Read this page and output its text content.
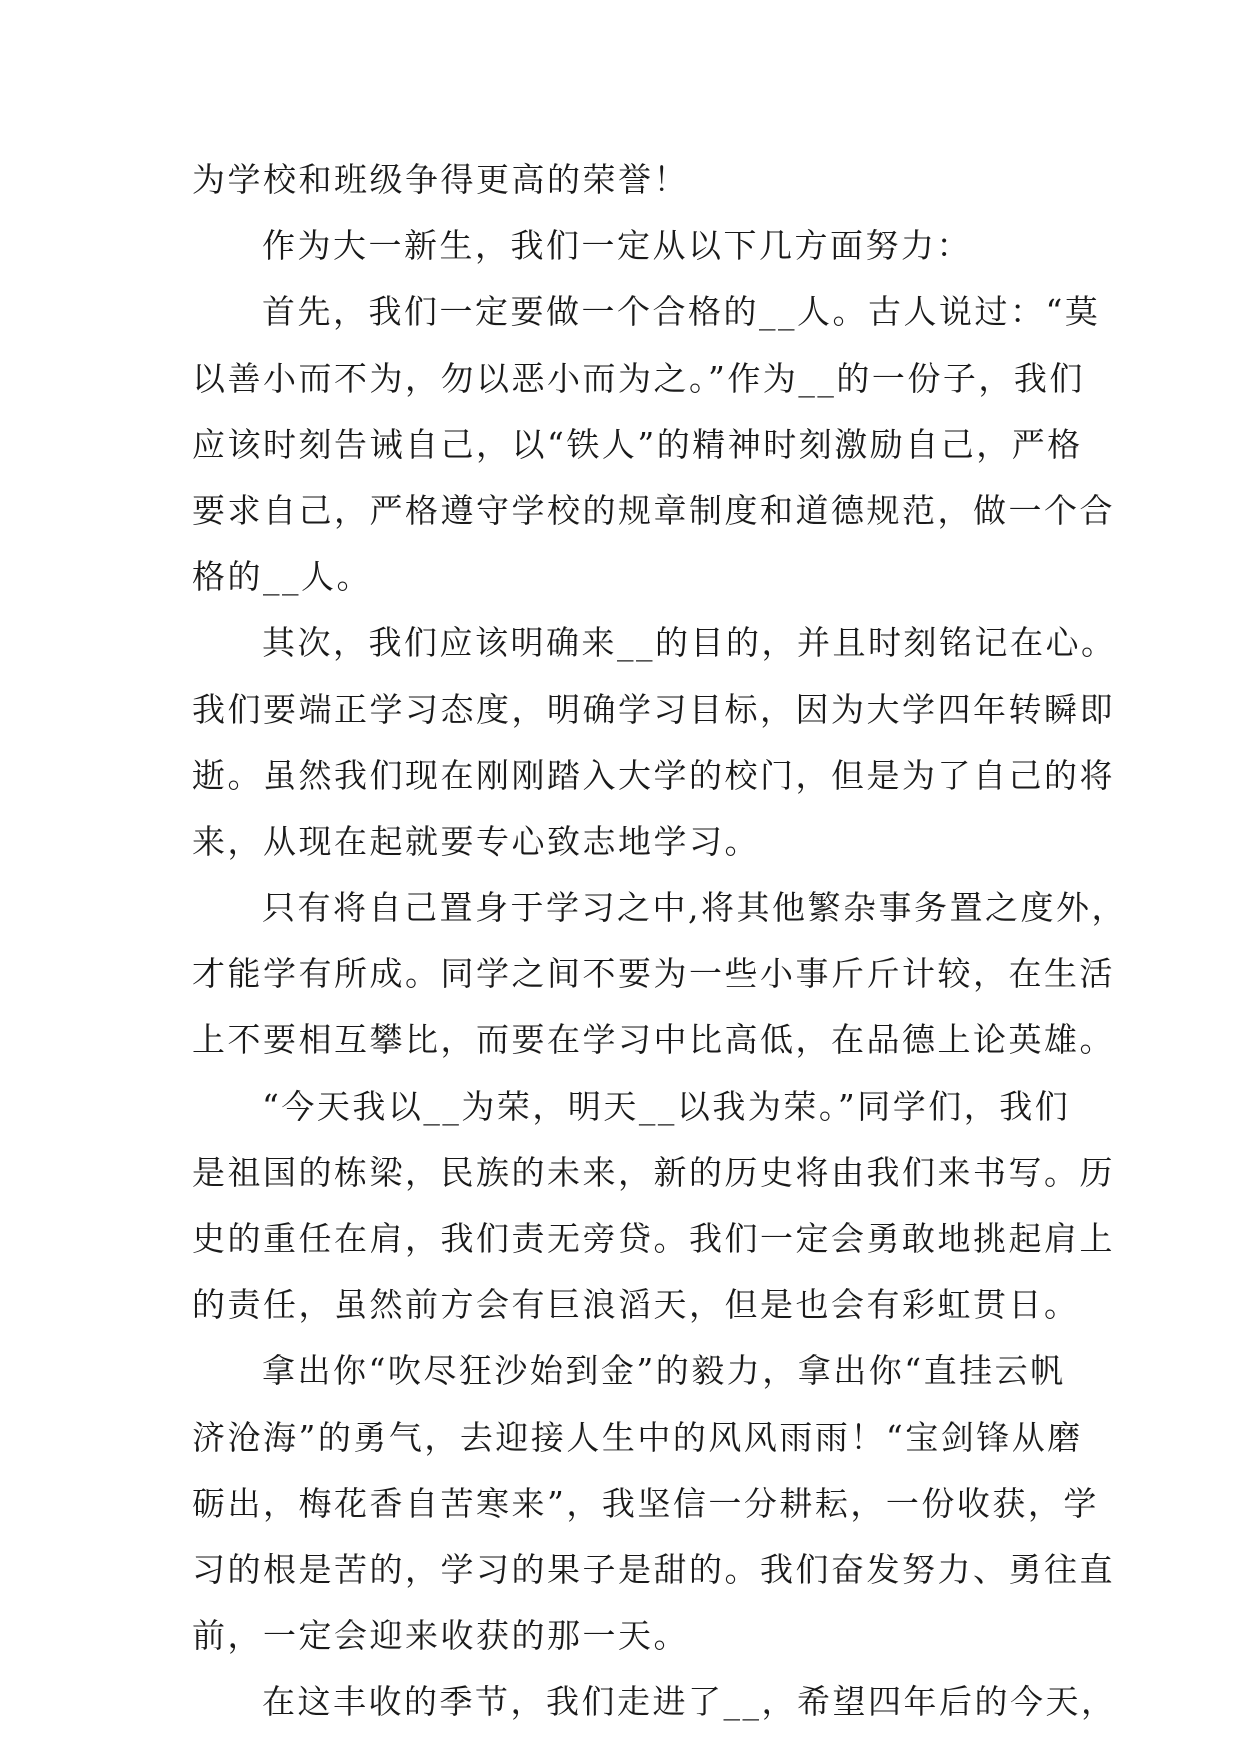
为学校和班级争得更高的荣誉！
作为大一新生，我们一定从以下几方面努力：
首先，我们一定要做一个合格的__人。古人说过：“莫
以善小而不为，勿以恶小而为之。”作为__的一份子，我们
应该时刻告诫自己，以“铁人”的精神时刻激励自己，严格
要求自己，严格遵守学校的规章制度和道德规范，做一个合
格的__人。
其次，我们应该明确来__的目的，并且时刻铭记在心。
我们要端正学习态度，明确学习目标，因为大学四年转瞬即
逝。虽然我们现在刚刚踏入大学的校门，但是为了自己的将
来，从现在起就要专心致志地学习。
只有将自己置身于学习之中,将其他繁杂事务置之度外，
才能学有所成。同学之间不要为一些小事斤斤计较，在生活
上不要相互攀比，而要在学习中比高低，在品德上论英雄。
“今天我以__为荣，明天__以我为荣。”同学们，我们
是祖国的栋梁，民族的未来，新的历史将由我们来书写。历
史的重任在肩，我们责无旁贷。我们一定会勇敢地挑起肩上
的责任，虽然前方会有巨浪滔天，但是也会有彩虹贯日。
拿出你“吹尽狂沙始到金”的毅力，拿出你“直挂云帆
济沧海”的勇气，去迎接人生中的风风雨雨！“宝剑锋从磨
砺出，梅花香自苦寒来”，我坚信一分耕耘，一份收获，学
习的根是苦的，学习的果子是甜的。我们奋发努力、勇往直
前，一定会迎来收获的那一天。
在这丰收的季节，我们走进了__，希望四年后的今天，
